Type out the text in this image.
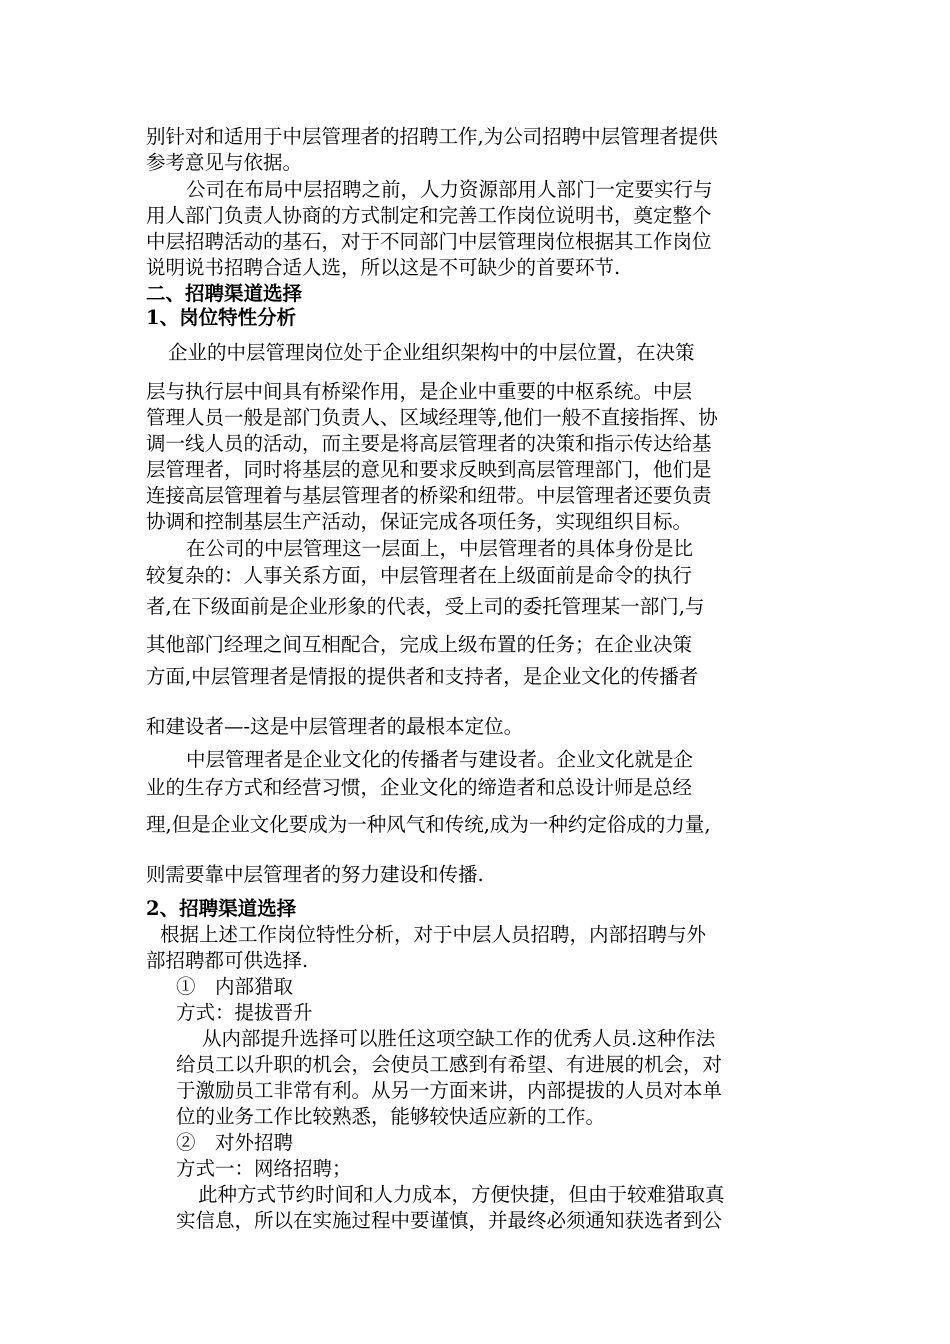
别针对和适用于中层管理者的招聘工作,为公司招聘中层管理者提供
参考意见与依据。
公司在布局中层招聘之前，人力资源部用人部门一定要实行与
用人部门负责人协商的方式制定和完善工作岗位说明书，奠定整个
中层招聘活动的基石，对于不同部门中层管理岗位根据其工作岗位
说明说书招聘合适人选，所以这是不可缺少的首要环节.
二、招聘渠道选择
1、岗位特性分析
企业的中层管理岗位处于企业组织架构中的中层位置，在决策
层与执行层中间具有桥梁作用，是企业中重要的中枢系统。中层
管理人员一般是部门负责人、区域经理等,他们一般不直接指挥、协
调一线人员的活动，而主要是将高层管理者的决策和指示传达给基
层管理者，同时将基层的意见和要求反映到高层管理部门，他们是
连接高层管理着与基层管理者的桥梁和纽带。中层管理者还要负责
协调和控制基层生产活动，保证完成各项任务，实现组织目标。
在公司的中层管理这一层面上，中层管理者的具体身份是比
较复杂的：人事关系方面，中层管理者在上级面前是命令的执行
者,在下级面前是企业形象的代表，受上司的委托管理某一部门,与
其他部门经理之间互相配合，完成上级布置的任务；在企业决策
方面,中层管理者是情报的提供者和支持者，是企业文化的传播者
和建设者—-这是中层管理者的最根本定位。
中层管理者是企业文化的传播者与建设者。企业文化就是企
业的生存方式和经营习惯，企业文化的缔造者和总设计师是总经
理,但是企业文化要成为一种风气和传统,成为一种约定俗成的力量,
则需要靠中层管理者的努力建设和传播.
2、招聘渠道选择
根据上述工作岗位特性分析，对于中层人员招聘，内部招聘与外
部招聘都可供选择.
①　内部猎取
方式：提拔晋升
从内部提升选择可以胜任这项空缺工作的优秀人员.这种作法
给员工以升职的机会，会使员工感到有希望、有进展的机会，对
于激励员工非常有利。从另一方面来讲，内部提拔的人员对本单
位的业务工作比较熟悉，能够较快适应新的工作。
②　对外招聘
方式一：网络招聘；
此种方式节约时间和人力成本，方便快捷，但由于较难猎取真
实信息，所以在实施过程中要谨慎，并最终必须通知获选者到公
